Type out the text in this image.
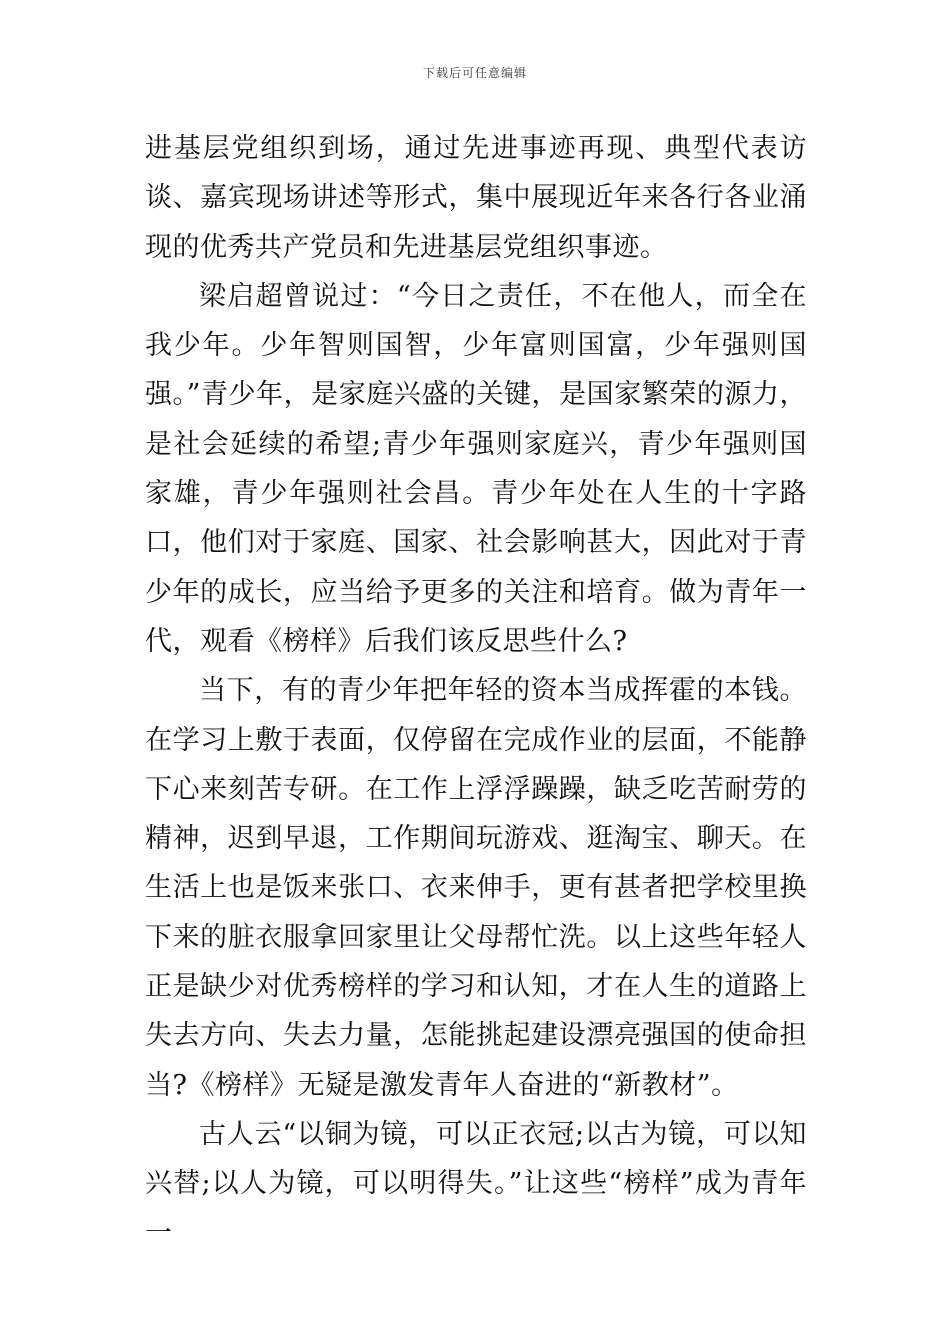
下载后可任意编辑

进基层党组织到场，通过先进事迹再现、典型代表访谈、嘉宾现场讲述等形式，集中展现近年来各行各业涌现的优秀共产党员和先进基层党组织事迹。

梁启超曾说过：“今日之责任，不在他人，而全在我少年。少年智则国智，少年富则国富，少年强则国强。”青少年，是家庭兴盛的关键，是国家繁荣的源力，是社会延续的希望;青少年强则家庭兴，青少年强则国家雄，青少年强则社会昌。青少年处在人生的十字路口，他们对于家庭、国家、社会影响甚大，因此对于青少年的成长，应当给予更多的关注和培育。做为青年一代，观看《榜样》后我们该反思些什么?

当下，有的青少年把年轻的资本当成挥霍的本钱。在学习上敷于表面，仅停留在完成作业的层面，不能静下心来刻苦专研。在工作上浮浮躁躁，缺乏吃苦耐劳的精神，迟到早退，工作期间玩游戏、逛淘宝、聊天。在生活上也是饭来张口、衣来伸手，更有甚者把学校里换下来的脏衣服拿回家里让父母帮忙洗。以上这些年轻人正是缺少对优秀榜样的学习和认知，才在人生的道路上失去方向、失去力量，怎能挑起建设漂亮强国的使命担当?《榜样》无疑是激发青年人奋进的“新教材”。

古人云“以铜为镜，可以正衣冠;以古为镜，可以知兴替;以人为镜，可以明得失。”让这些“榜样”成为青年一
